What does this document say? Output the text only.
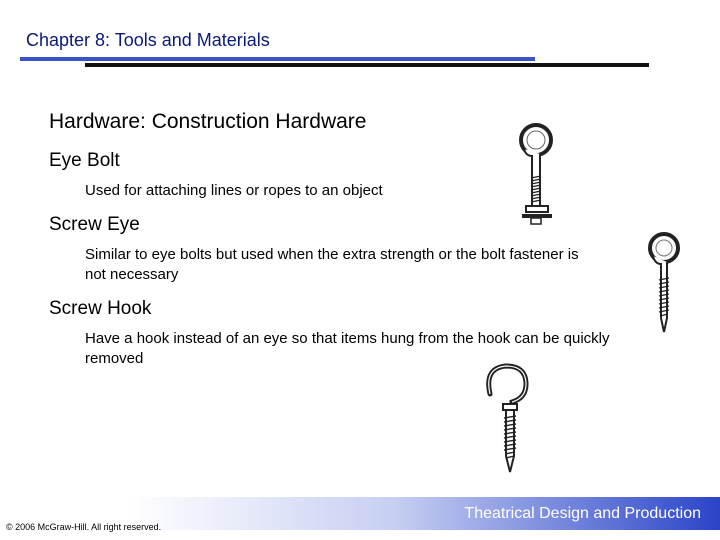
Chapter 8: Tools and Materials
Hardware: Construction Hardware
Eye Bolt
Used for attaching lines or ropes to an object
Screw Eye
Similar to eye bolts but used when the extra strength or the bolt fastener is not necessary
Screw Hook
Have a hook instead of an eye so that items hung from the hook can be quickly removed
Theatrical Design and Production
© 2006 McGraw-Hill. All right reserved.
